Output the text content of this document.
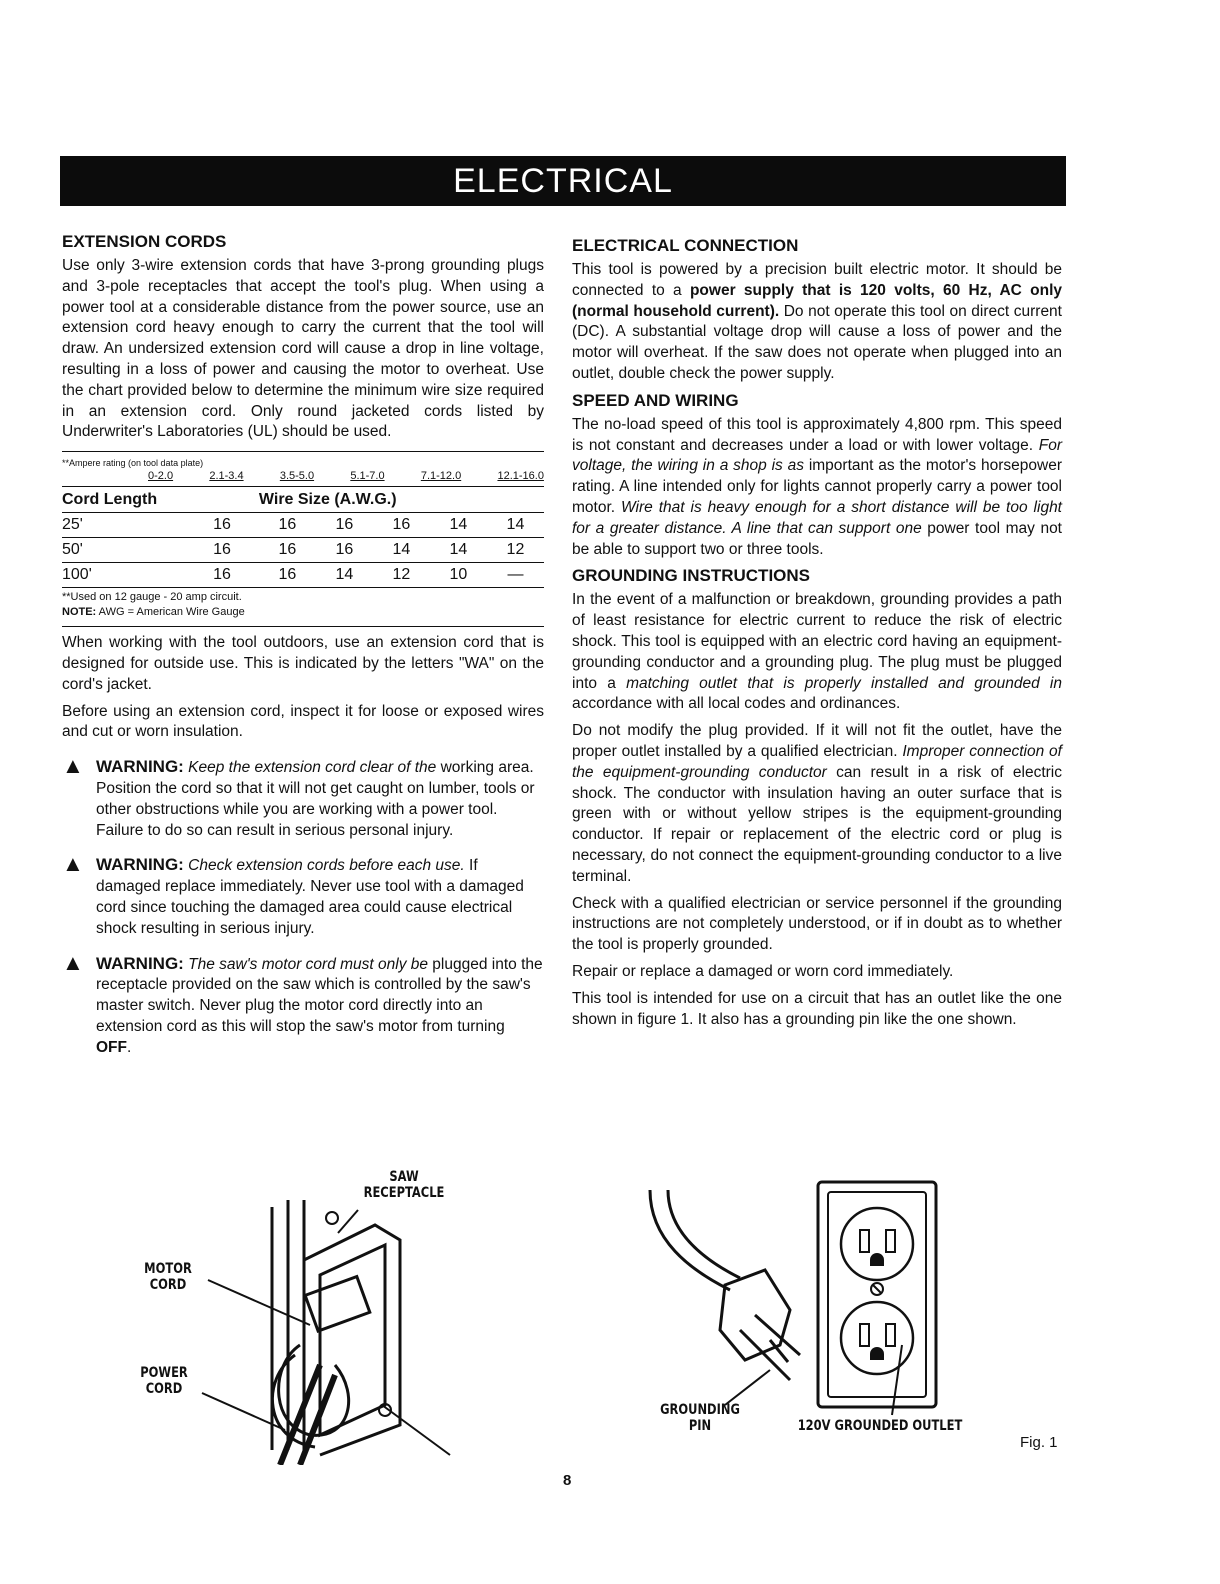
ELECTRICAL
EXTENSION CORDS

Use only 3-wire extension cords that have 3-prong grounding plugs and 3-pole receptacles that accept the tool's plug. When using a power tool at a considerable distance from the power source, use an extension cord heavy enough to carry the current that the tool will draw. An undersized extension cord will cause a drop in line voltage, resulting in a loss of power and causing the motor to overheat. Use the chart provided below to determine the minimum wire size required in an extension cord. Only round jacketed cords listed by Underwriter's Laboratories (UL) should be used.

**Ampere rating (on tool data plate)
0-2.0	2.1-3.4	3.5-5.0	5.1-7.0	7.1-12.0	12.1-16.0
Cord Length		Wire Size (A.W.G.)				
25'	16	16	16	16	14	14
50'	16	16	16	14	14	12
100'	16	16	14	12	10	—
**Used on 12 gauge - 20 amp circuit.
NOTE: AWG = American Wire Gauge

When working with the tool outdoors, use an extension cord that is designed for outside use. This is indicated by the letters "WA" on the cord's jacket.

Before using an extension cord, inspect it for loose or exposed wires and cut or worn insulation.

▲ WARNING: Keep the extension cord clear of the working area. Position the cord so that it will not get caught on lumber, tools or other obstructions while you are working with a power tool. Failure to do so can result in serious personal injury.
▲ WARNING: Check extension cords before each use. If damaged replace immediately. Never use tool with a damaged cord since touching the damaged area could cause electrical shock resulting in serious injury.
▲ WARNING: The saw's motor cord must only be plugged into the receptacle provided on the saw which is controlled by the saw's master switch. Never plug the motor cord directly into an extension cord as this will stop the saw's motor from turning OFF.
ELECTRICAL CONNECTION

This tool is powered by a precision built electric motor. It should be connected to a power supply that is 120 volts, 60 Hz, AC only (normal household current). Do not operate this tool on direct current (DC). A substantial voltage drop will cause a loss of power and the motor will overheat. If the saw does not operate when plugged into an outlet, double check the power supply.

SPEED AND WIRING

The no-load speed of this tool is approximately 4,800 rpm. This speed is not constant and decreases under a load or with lower voltage. For voltage, the wiring in a shop is as important as the motor's horsepower rating. A line intended only for lights cannot properly carry a power tool motor. Wire that is heavy enough for a short distance will be too light for a greater distance. A line that can support one power tool may not be able to support two or three tools.

GROUNDING INSTRUCTIONS

In the event of a malfunction or breakdown, grounding provides a path of least resistance for electric current to reduce the risk of electric shock. This tool is equipped with an electric cord having an equipment-grounding conductor and a grounding plug. The plug must be plugged into a matching outlet that is properly installed and grounded in accordance with all local codes and ordinances.

Do not modify the plug provided. If it will not fit the outlet, have the proper outlet installed by a qualified electrician. Improper connection of the equipment-grounding conductor can result in a risk of electric shock. The conductor with insulation having an outer surface that is green with or without yellow stripes is the equipment-grounding conductor. If repair or replacement of the electric cord or plug is necessary, do not connect the equipment-grounding conductor to a live terminal.

Check with a qualified electrician or service personnel if the grounding instructions are not completely understood, or if in doubt as to whether the tool is properly grounded.

Repair or replace a damaged or worn cord immediately.

This tool is intended for use on a circuit that has an outlet like the one shown in figure 1. It also has a grounding pin like the one shown.

SAW
RECEPTACLE
MOTOR
CORD
POWER
CORD
GROUNDING
PIN	120V GROUNDED OUTLET
Fig. 1
8
